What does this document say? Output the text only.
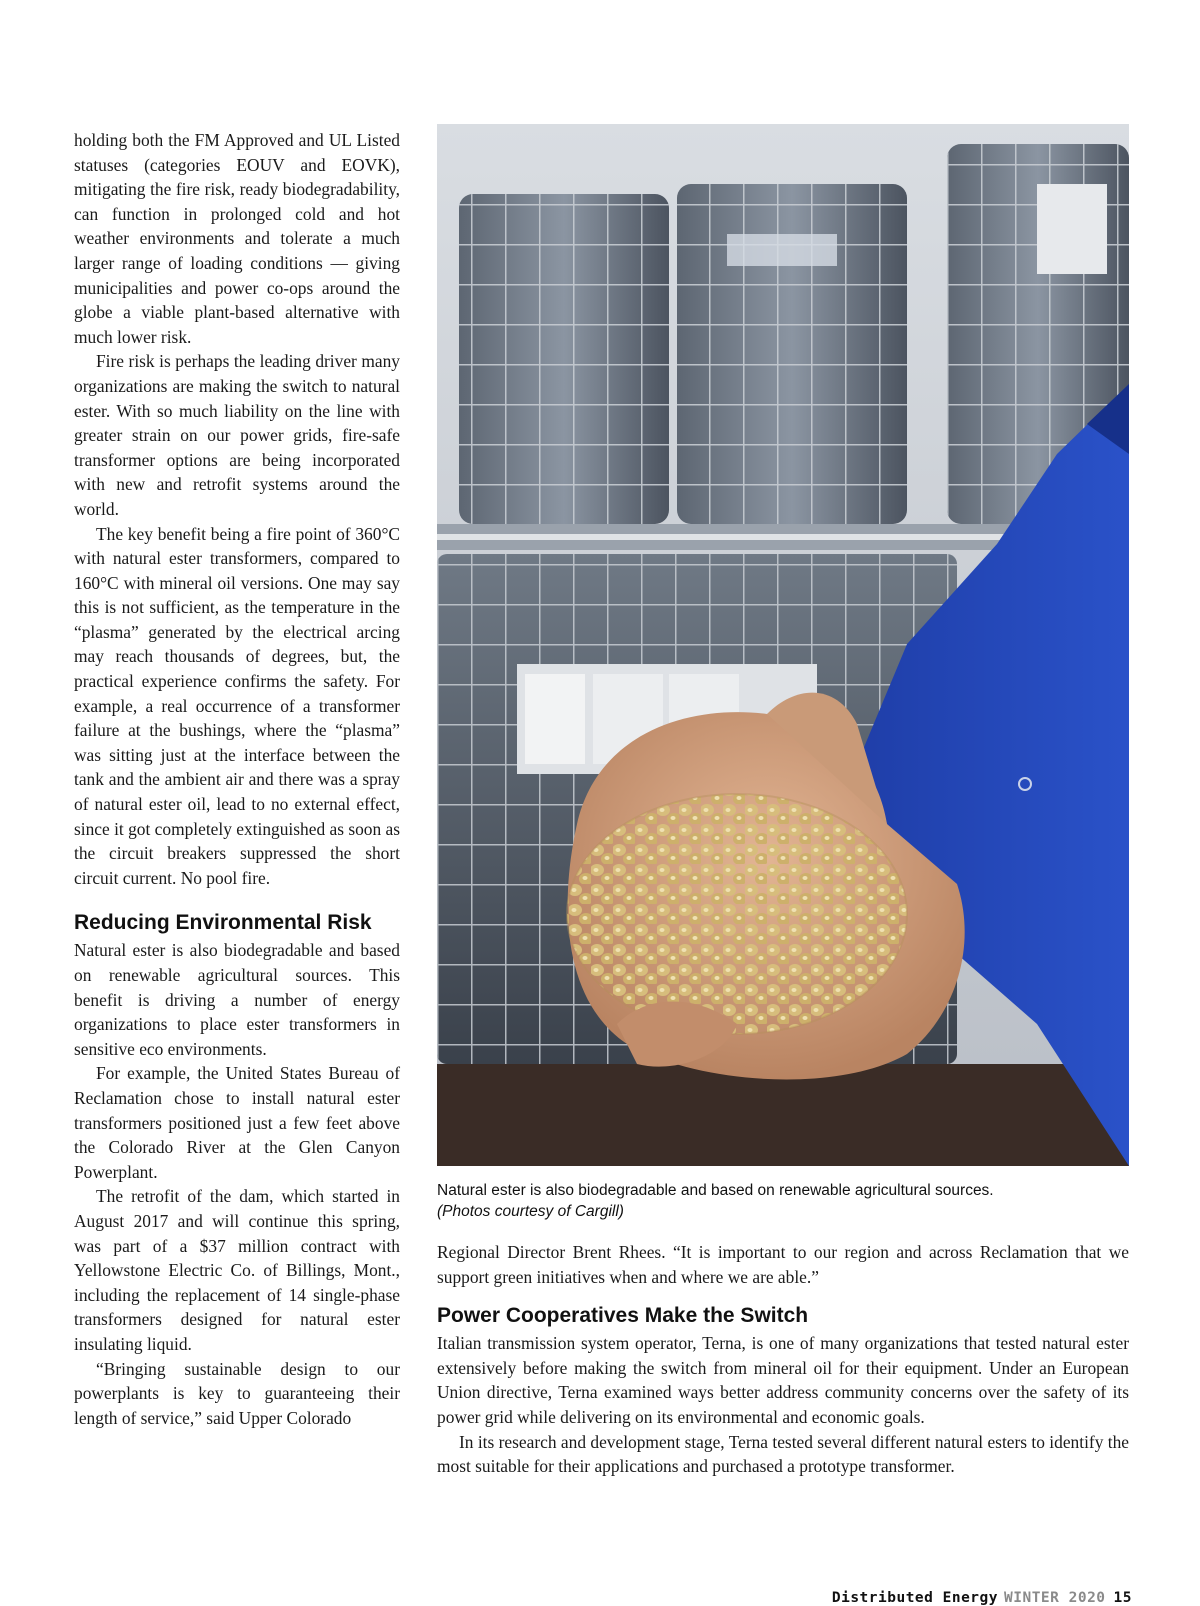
holding both the FM Approved and UL Listed statuses (categories EOUV and EOVK), mitigating the fire risk, ready biodegradability, can function in prolonged cold and hot weather environments and tolerate a much larger range of loading conditions — giving municipalities and power co-ops around the globe a viable plant-based alternative with much lower risk.

Fire risk is perhaps the leading driver many organizations are making the switch to natural ester. With so much liability on the line with greater strain on our power grids, fire-safe transformer options are being incorporated with new and retrofit systems around the world.

The key benefit being a fire point of 360°C with natural ester transformers, compared to 160°C with mineral oil versions. One may say this is not sufficient, as the temperature in the “plasma” generated by the electrical arcing may reach thousands of degrees, but, the practical experience confirms the safety. For example, a real occurrence of a transformer failure at the bushings, where the “plasma” was sitting just at the interface between the tank and the ambient air and there was a spray of natural ester oil, lead to no external effect, since it got completely extinguished as soon as the circuit breakers suppressed the short circuit current. No pool fire.

Reducing Environmental Risk

Natural ester is also biodegradable and based on renewable agricultural sources. This benefit is driving a number of energy organizations to place ester transformers in sensitive eco environments.

For example, the United States Bureau of Reclamation chose to install natural ester transformers positioned just a few feet above the Colorado River at the Glen Canyon Powerplant.

The retrofit of the dam, which started in August 2017 and will continue this spring, was part of a $37 million contract with Yellowstone Electric Co. of Billings, Mont., including the replacement of 14 single-phase transformers designed for natural ester insulating liquid.

“Bringing sustainable design to our powerplants is key to guaranteeing their length of service,” said Upper Colorado

Natural ester is also biodegradable and based on renewable agricultural sources.
(Photos courtesy of Cargill)

Regional Director Brent Rhees. “It is important to our region and across Reclamation that we support green initiatives when and where we are able.”

Power Cooperatives Make the Switch

Italian transmission system operator, Terna, is one of many organizations that tested natural ester extensively before making the switch from mineral oil for their equipment. Under an European Union directive, Terna examined ways better address community concerns over the safety of its power grid while delivering on its environmental and economic goals.

In its research and development stage, Terna tested several different natural esters to identify the most suitable for their applications and purchased a prototype transformer.

Distributed Energy WINTER 2020 15
